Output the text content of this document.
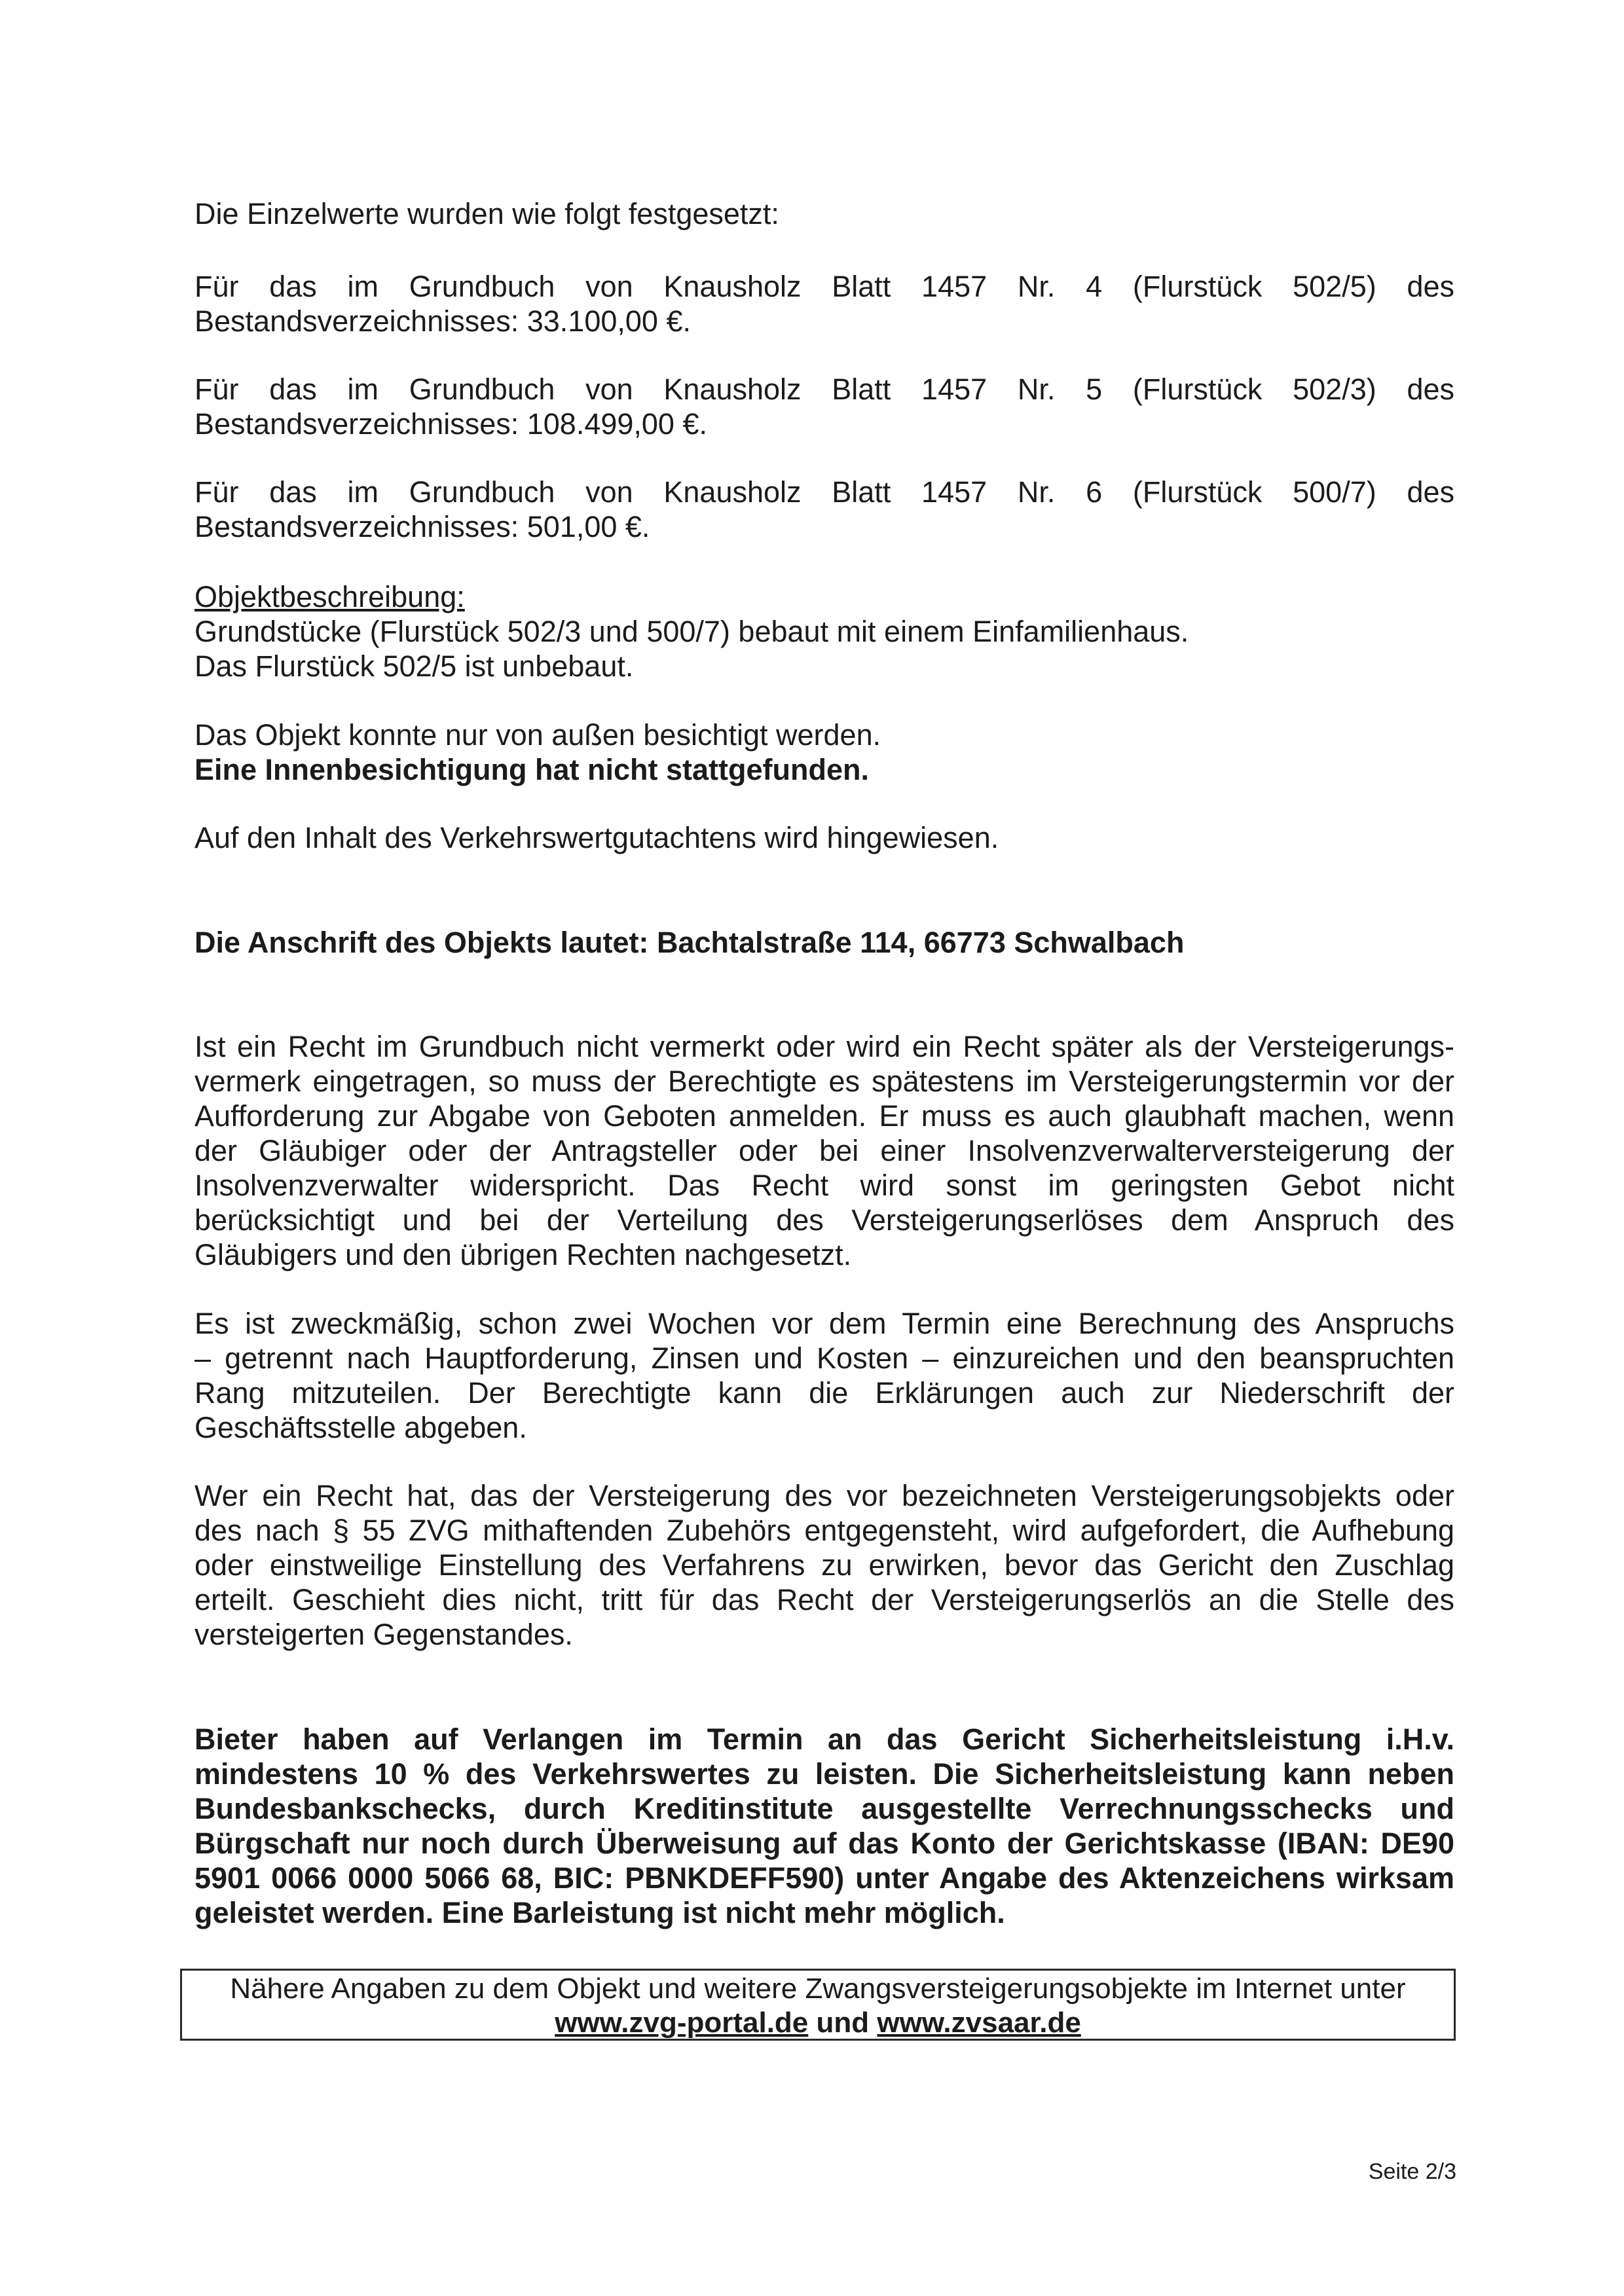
Die Einzelwerte wurden wie folgt festgesetzt:

Für das im Grundbuch von Knausholz Blatt 1457 Nr. 4 (Flurstück 502/5) des
Bestandsverzeichnisses: 33.100,00 €.

Für das im Grundbuch von Knausholz Blatt 1457 Nr. 5 (Flurstück 502/3) des
Bestandsverzeichnisses: 108.499,00 €.

Für das im Grundbuch von Knausholz Blatt 1457 Nr. 6 (Flurstück 500/7) des
Bestandsverzeichnisses: 501,00 €.

Objektbeschreibung:
Grundstücke (Flurstück 502/3 und 500/7) bebaut mit einem Einfamilienhaus.
Das Flurstück 502/5 ist unbebaut.

Das Objekt konnte nur von außen besichtigt werden.
Eine Innenbesichtigung hat nicht stattgefunden.

Auf den Inhalt des Verkehrswertgutachtens wird hingewiesen.

Die Anschrift des Objekts lautet: Bachtalstraße 114, 66773 Schwalbach

Ist ein Recht im Grundbuch nicht vermerkt oder wird ein Recht später als der Versteigerungs-
vermerk eingetragen, so muss der Berechtigte es spätestens im Versteigerungstermin vor der
Aufforderung zur Abgabe von Geboten anmelden. Er muss es auch glaubhaft machen, wenn
der Gläubiger oder der Antragsteller oder bei einer Insolvenzverwalterversteigerung der
Insolvenzverwalter widerspricht. Das Recht wird sonst im geringsten Gebot nicht
berücksichtigt und bei der Verteilung des Versteigerungserlöses dem Anspruch des
Gläubigers und den übrigen Rechten nachgesetzt.

Es ist zweckmäßig, schon zwei Wochen vor dem Termin eine Berechnung des Anspruchs
– getrennt nach Hauptforderung, Zinsen und Kosten – einzureichen und den beanspruchten
Rang mitzuteilen. Der Berechtigte kann die Erklärungen auch zur Niederschrift der
Geschäftsstelle abgeben.

Wer ein Recht hat, das der Versteigerung des vor bezeichneten Versteigerungsobjekts oder
des nach § 55 ZVG mithaftenden Zubehörs entgegensteht, wird aufgefordert, die Aufhebung
oder einstweilige Einstellung des Verfahrens zu erwirken, bevor das Gericht den Zuschlag
erteilt. Geschieht dies nicht, tritt für das Recht der Versteigerungserlös an die Stelle des
versteigerten Gegenstandes.

Bieter haben auf Verlangen im Termin an das Gericht Sicherheitsleistung i.H.v.
mindestens 10 % des Verkehrswertes zu leisten. Die Sicherheitsleistung kann neben
Bundesbankschecks, durch Kreditinstitute ausgestellte Verrechnungsschecks und
Bürgschaft nur noch durch Überweisung auf das Konto der Gerichtskasse (IBAN: DE90
5901 0066 0000 5066 68, BIC: PBNKDEFF590) unter Angabe des Aktenzeichens wirksam
geleistet werden. Eine Barleistung ist nicht mehr möglich.

Nähere Angaben zu dem Objekt und weitere Zwangsversteigerungsobjekte im Internet unter
www.zvg-portal.de und www.zvsaar.de
Seite 2/3
